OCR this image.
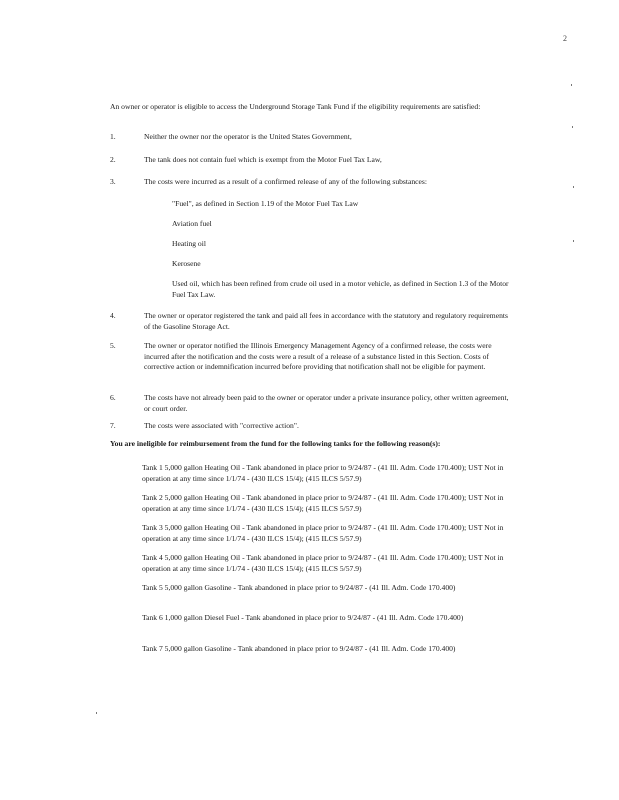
2
An owner or operator is eligible to access the Underground Storage Tank Fund if the eligibility requirements are satisfied:
1.	Neither the owner nor the operator is the United States Government,
2.	The tank does not contain fuel which is exempt from the Motor Fuel Tax Law,
3.	The costs were incurred as a result of a confirmed release of any of the following substances:
"Fuel", as defined in Section 1.19 of the Motor Fuel Tax Law
Aviation fuel
Heating oil
Kerosene
Used oil, which has been refined from crude oil used in a motor vehicle, as defined in Section 1.3 of the Motor Fuel Tax Law.
4.	The owner or operator registered the tank and paid all fees in accordance with the statutory and regulatory requirements of the Gasoline Storage Act.
5.	The owner or operator notified the Illinois Emergency Management Agency of a confirmed release, the costs were incurred after the notification and the costs were a result of a release of a substance listed in this Section. Costs of corrective action or indemnification incurred before providing that notification shall not be eligible for payment.
6.	The costs have not already been paid to the owner or operator under a private insurance policy, other written agreement, or court order.
7.	The costs were associated with "corrective action".
You are ineligible for reimbursement from the fund for the following tanks for the following reason(s):
Tank 1 5,000 gallon Heating Oil - Tank abandoned in place prior to 9/24/87 - (41 Ill. Adm. Code 170.400); UST Not in operation at any time since 1/1/74 - (430 ILCS 15/4); (415 ILCS 5/57.9)
Tank 2 5,000 gallon Heating Oil - Tank abandoned in place prior to 9/24/87 - (41 Ill. Adm. Code 170.400); UST Not in operation at any time since 1/1/74 - (430 ILCS 15/4); (415 ILCS 5/57.9)
Tank 3 5,000 gallon Heating Oil - Tank abandoned in place prior to 9/24/87 - (41 Ill. Adm. Code 170.400); UST Not in operation at any time since 1/1/74 - (430 ILCS 15/4); (415 ILCS 5/57.9)
Tank 4 5,000 gallon Heating Oil - Tank abandoned in place prior to 9/24/87 - (41 Ill. Adm. Code 170.400); UST Not in operation at any time since 1/1/74 - (430 ILCS 15/4); (415 ILCS 5/57.9)
Tank 5 5,000 gallon Gasoline - Tank abandoned in place prior to 9/24/87 - (41 Ill. Adm. Code 170.400)
Tank 6 1,000 gallon Diesel Fuel - Tank abandoned in place prior to 9/24/87 - (41 Ill. Adm. Code 170.400)
Tank 7 5,000 gallon Gasoline - Tank abandoned in place prior to 9/24/87 - (41 Ill. Adm. Code 170.400)
